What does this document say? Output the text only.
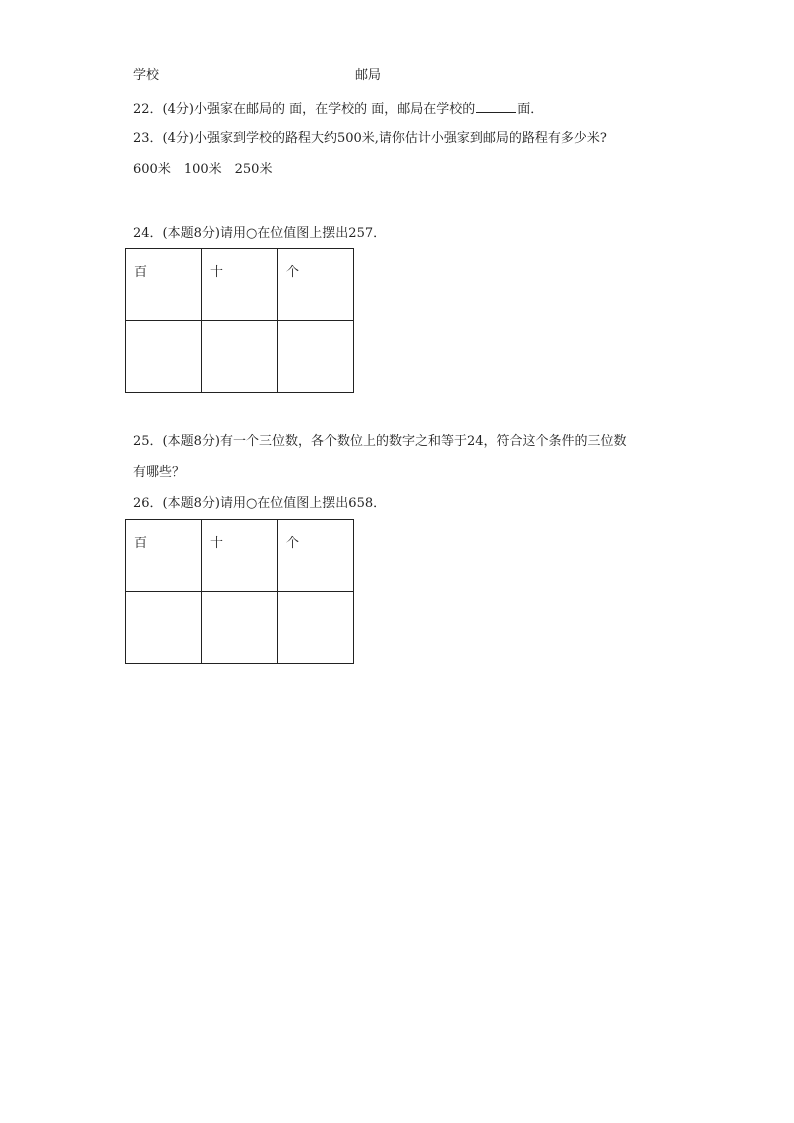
学校	邮局
22．(4分)小强家在邮局的 面，在学校的 面，邮局在学校的	面．
23．(4分)小强家到学校的路程大约500米,请你估计小强家到邮局的路程有多少米?
600米　100米　250米
24．(本题8分)请用○在位值图上摆出257．
百	十	个

25．(本题8分)有一个三位数，各个数位上的数字之和等于24，符合这个条件的三位数
有哪些？
26．(本题8分)请用○在位值图上摆出658．
百	十	个
